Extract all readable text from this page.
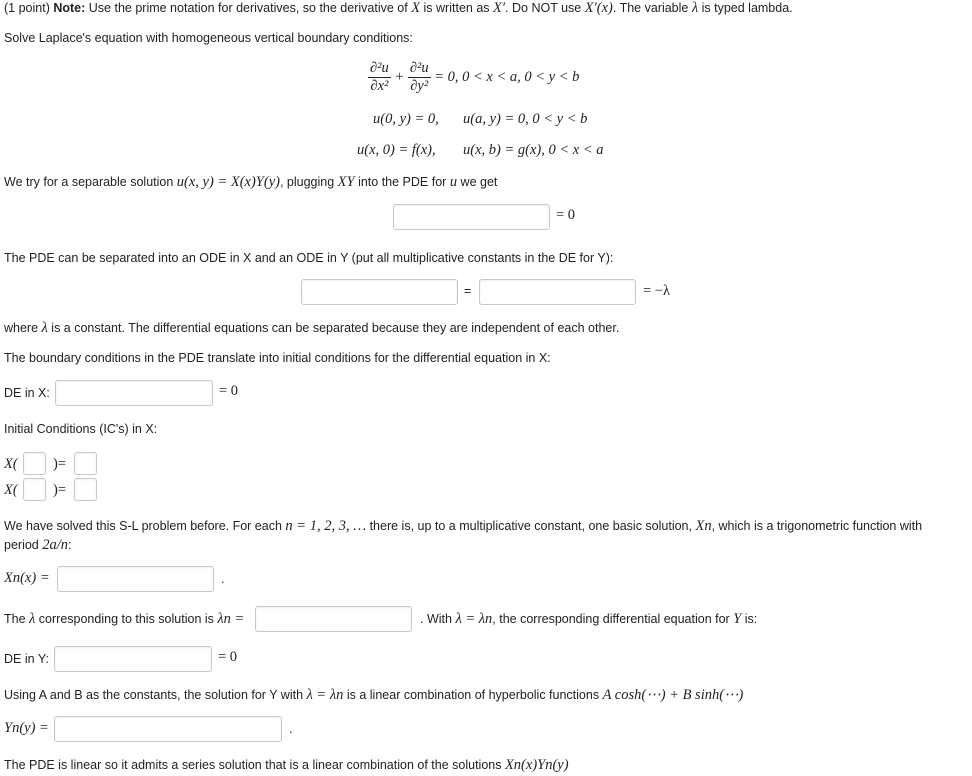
(1 point) Note: Use the prime notation for derivatives, so the derivative of X is written as X′. Do NOT use X′(x). The variable λ is typed lambda.
Solve Laplace's equation with homogeneous vertical boundary conditions:
$\frac{\text{∂²u}}{\text{∂x²}} + \frac{\text{∂²u}}{\text{∂y²}} = 0$, 0 < x < a, 0 < y < b
u(0, y) = 0, u(a, y) = 0, 0 < y < b
u(x, 0) = f(x), u(x, b) = g(x), 0 < x < a
We try for a separable solution u(x, y) = X(x)Y(y), plugging XY into the PDE for u we get
= 0
The PDE can be separated into an ODE in X and an ODE in Y (put all multiplicative constants in the DE for Y):
=	= −λ
where λ is a constant. The differential equations can be separated because they are independent of each other.
The boundary conditions in the PDE translate into initial conditions for the differential equation in X:
DE in X:	= 0
Initial Conditions (IC's) in X:
X( )=
X( )=
We have solved this S-L problem before. For each n = 1, 2, 3, … there is, up to a multiplicative constant, one basic solution, Xn, which is a trigonometric function with
period 2a/n:
Xn(x) =	.
The λ corresponding to this solution is λn =	. With λ = λn, the corresponding differential equation for Y is:
DE in Y:	= 0
Using A and B as the constants, the solution for Y with λ = λn is a linear combination of hyperbolic functions A cosh(⋯) + B sinh(⋯)
Yn(y) =	.
The PDE is linear so it admits a series solution that is a linear combination of the solutions Xn(x)Yn(y)
